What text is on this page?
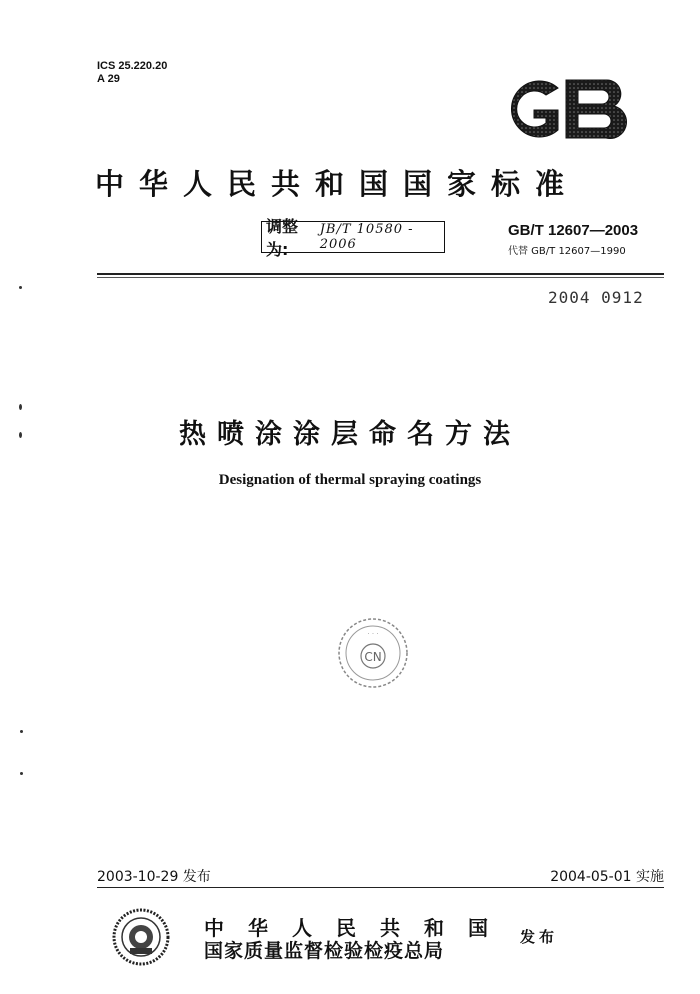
ICS 25.220.20
A 29
中华人民共和国国家标准
调整为:
JB/T 10580 - 2006
GB/T 12607—2003
代替 GB/T 12607—1990
2004 0912
热喷涂涂层命名方法
Designation of thermal spraying coatings
CN
· · ·
2003-10-29 发布	2004-05-01 实施
中华人民共和国
国家质量监督检验检疫总局
发布
